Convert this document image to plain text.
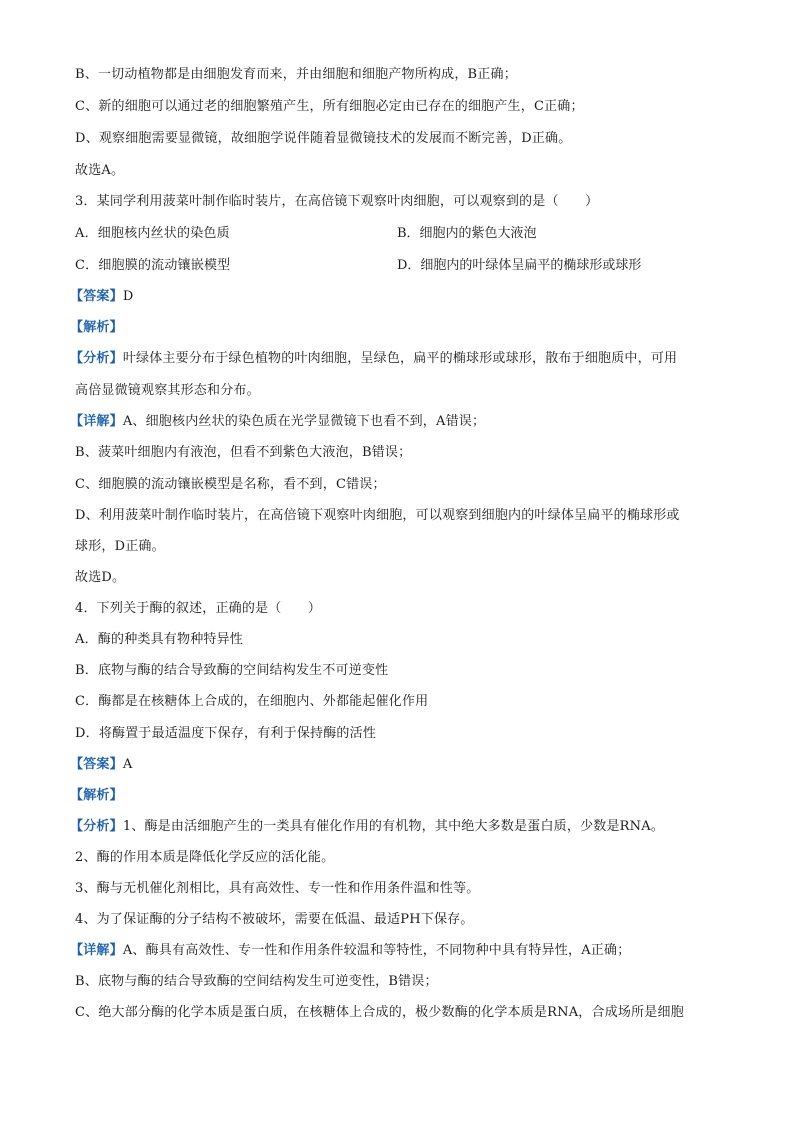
B、一切动植物都是由细胞发育而来，并由细胞和细胞产物所构成，B正确；
C、新的细胞可以通过老的细胞繁殖产生，所有细胞必定由已存在的细胞产生，C正确；
D、观察细胞需要显微镜，故细胞学说伴随着显微镜技术的发展而不断完善，D正确。
故选A。
3．某同学利用菠菜叶制作临时装片，在高倍镜下观察叶肉细胞，可以观察到的是（　　）
A．细胞核内丝状的染色质	B．细胞内的紫色大液泡
C．细胞膜的流动镶嵌模型	D．细胞内的叶绿体呈扁平的椭球形或球形
【答案】D
【解析】
【分析】叶绿体主要分布于绿色植物的叶肉细胞，呈绿色，扁平的椭球形或球形，散布于细胞质中，可用
高倍显微镜观察其形态和分布。
【详解】A、细胞核内丝状的染色质在光学显微镜下也看不到，A错误；
B、菠菜叶细胞内有液泡，但看不到紫色大液泡，B错误；
C、细胞膜的流动镶嵌模型是名称，看不到，C错误；
D、利用菠菜叶制作临时装片，在高倍镜下观察叶肉细胞，可以观察到细胞内的叶绿体呈扁平的椭球形或
球形，D正确。
故选D。
4．下列关于酶的叙述，正确的是（　　）
A．酶的种类具有物种特异性
B．底物与酶的结合导致酶的空间结构发生不可逆变性
C．酶都是在核糖体上合成的，在细胞内、外都能起催化作用
D．将酶置于最适温度下保存，有利于保持酶的活性
【答案】A
【解析】
【分析】1、酶是由活细胞产生的一类具有催化作用的有机物，其中绝大多数是蛋白质，少数是RNA。
2、酶的作用本质是降低化学反应的活化能。
3、酶与无机催化剂相比，具有高效性、专一性和作用条件温和性等。
4、为了保证酶的分子结构不被破坏，需要在低温、最适PH下保存。
【详解】A、酶具有高效性、专一性和作用条件较温和等特性，不同物种中具有特异性，A正确；
B、底物与酶的结合导致酶的空间结构发生可逆变性，B错误；
C、绝大部分酶的化学本质是蛋白质，在核糖体上合成的，极少数酶的化学本质是RNA，合成场所是细胞
